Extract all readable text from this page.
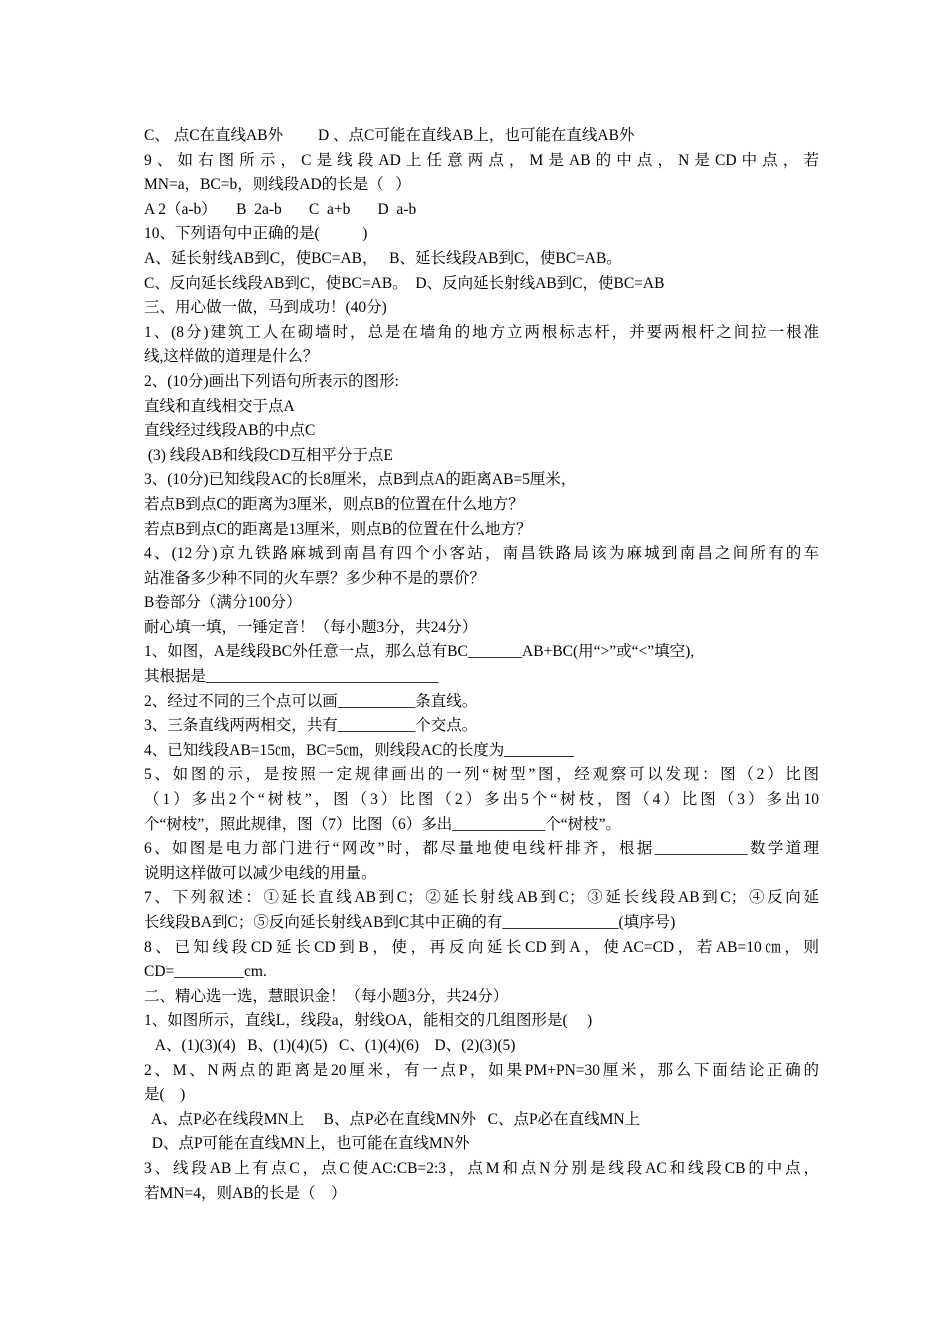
C、 点C在直线AB外         D 、点C可能在直线AB上，也可能在直线AB外
9、如右图所示，C是线段AD上任意两点，M是AB的中点，N是CD中点，若
MN=a，BC=b，则线段AD的长是（   ）
A 2（a-b）     B  2a-b       C  a+b       D  a-b
10、下列语句中正确的是(           )
A、延长射线AB到C，使BC=AB，   B、延长线段AB到C，使BC=AB。
C、反向延长线段AB到C，使BC=AB。  D、反向延长射线AB到C，使BC=AB
三、用心做一做，马到成功！(40分)
1、(8分)建筑工人在砌墙时，总是在墙角的地方立两根标志杆，并要两根杆之间拉一根准
线,这样做的道理是什么？
2、(10分)画出下列语句所表示的图形:
直线和直线相交于点A
直线经过线段AB的中点C
(3) 线段AB和线段CD互相平分于点E
3、(10分)已知线段AC的长8厘米，点B到点A的距离AB=5厘米，
若点B到点C的距离为3厘米，则点B的位置在什么地方？
若点B到点C的距离是13厘米，则点B的位置在什么地方？
4、(12分)京九铁路麻城到南昌有四个小客站，南昌铁路局该为麻城到南昌之间所有的车
站准备多少种不同的火车票？多少种不是的票价？
B卷部分（满分100分）
耐心填一填，一锤定音！（每小题3分，共24分）
1、如图，A是线段BC外任意一点，那么总有BC_______AB+BC(用“>”或“<”填空),
其根据是______________________________
2、经过不同的三个点可以画__________条直线。
3、三条直线两两相交，共有__________个交点。
4、已知线段AB=15㎝，BC=5㎝，则线段AC的长度为_________
5、如图的示，是按照一定规律画出的一列“树型”图，经观察可以发现：图（2）比图
（1）多出2个“树枝”，图（3）比图（2）多出5个“树枝，图（4）比图（3）多出10
个“树枝”，照此规律，图（7）比图（6）多出____________个“树枝”。
6、如图是电力部门进行“网改”时，都尽量地使电线杆排齐，根据____________数学道理
说明这样做可以减少电线的用量。
7、下列叙述：①延长直线AB到C；②延长射线AB到C；③延长线段AB到C；④反向延
长线段BA到C；⑤反向延长射线AB到C其中正确的有_______________(填序号)
8、已知线段CD延长CD到B，使，再反向延长CD到A，使AC=CD，若AB=10㎝，则
CD=_________cm.
二、精心选一选，慧眼识金！（每小题3分，共24分）
1、如图所示，直线L，线段a，射线OA，能相交的几组图形是(     )
A、(1)(3)(4)   B、(1)(4)(5)   C、(1)(4)(6)    D、(2)(3)(5)
2、M、N两点的距离是20厘米，有一点P，如果PM+PN=30厘米，那么下面结论正确的
是(    )
A、点P必在线段MN上     B、点P必在直线MN外   C、点P必在直线MN上
D、点P可能在直线MN上，也可能在直线MN外
3、线段AB上有点C，点C使AC:CB=2:3，点M和点N分别是线段AC和线段CB的中点，
若MN=4，则AB的长是（    ）
